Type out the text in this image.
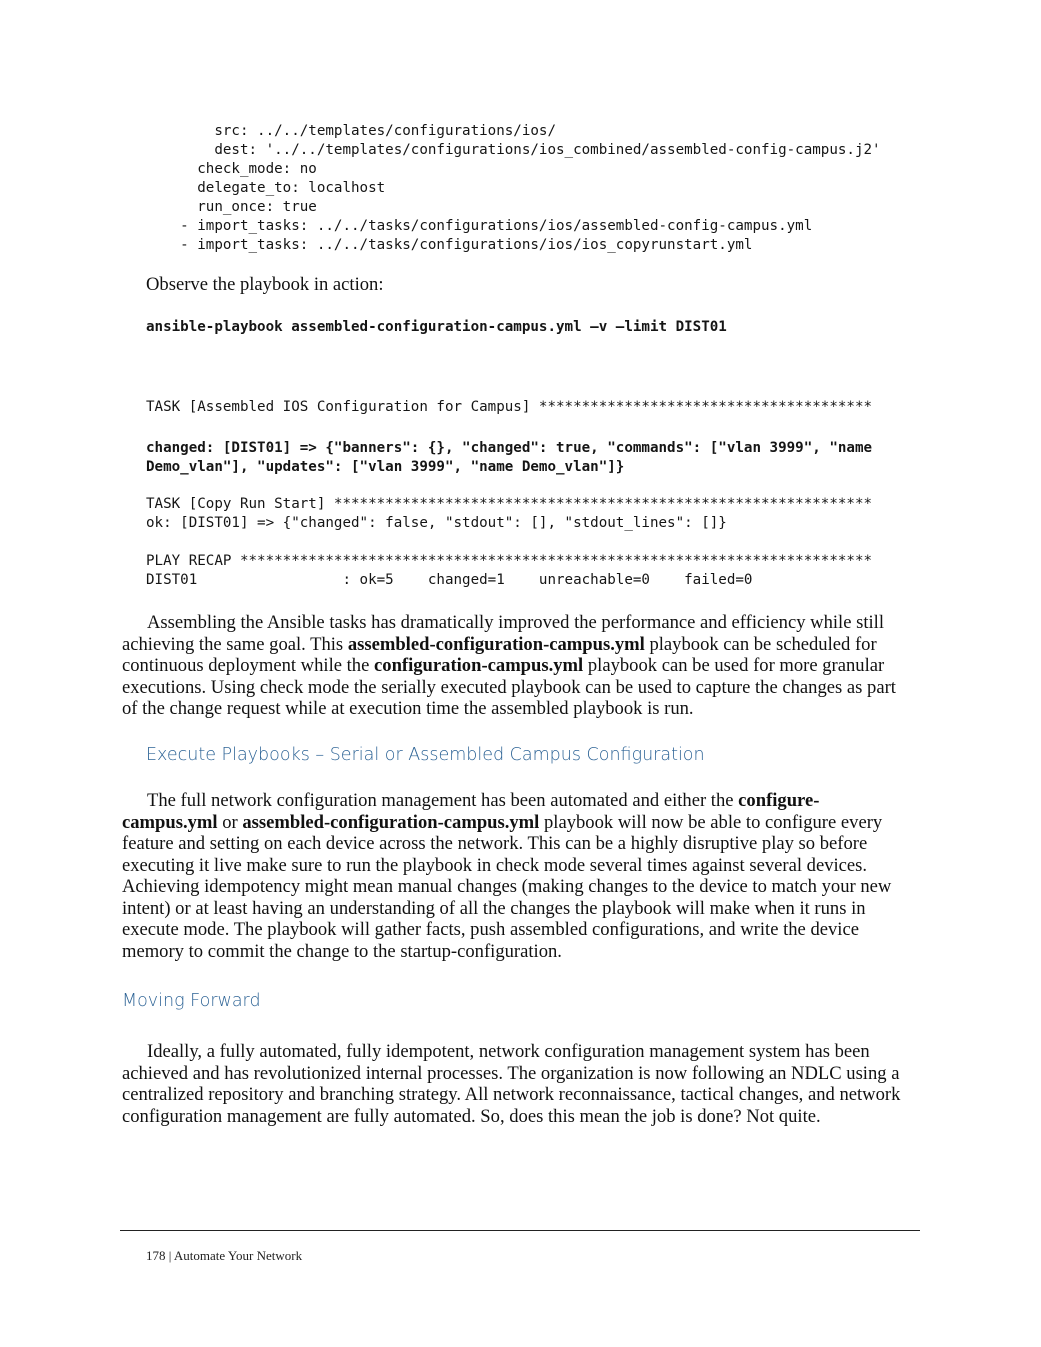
src: ../../templates/configurations/ios/
dest: '../../templates/configurations/ios_combined/assembled-config-campus.j2'
check_mode: no
delegate_to: localhost
run_once: true
- import_tasks: ../../tasks/configurations/ios/assembled-config-campus.yml
- import_tasks: ../../tasks/configurations/ios/ios_copyrunstart.yml

Observe the playbook in action:

ansible-playbook assembled-configuration-campus.yml –v –limit DIST01
TASK [Assembled IOS Configuration for Campus] ***************************************
changed: [DIST01] => {"banners": {}, "changed": true, "commands": ["vlan 3999", "name
Demo_vlan"], "updates": ["vlan 3999", "name Demo_vlan"]}
TASK [Copy Run Start] ***************************************************************
ok: [DIST01] => {"changed": false, "stdout": [], "stdout_lines": []}
PLAY RECAP **************************************************************************
DIST01                 : ok=5    changed=1    unreachable=0    failed=0

Assembling the Ansible tasks has dramatically improved the performance and efficiency while still achieving the same goal. This assembled-configuration-campus.yml playbook can be scheduled for continuous deployment while the configuration-campus.yml playbook can be used for more granular executions. Using check mode the serially executed playbook can be used to capture the changes as part of the change request while at execution time the assembled playbook is run.

Execute Playbooks – Serial or Assembled Campus Configuration

The full network configuration management has been automated and either the configure-campus.yml or assembled-configuration-campus.yml playbook will now be able to configure every feature and setting on each device across the network. This can be a highly disruptive play so before executing it live make sure to run the playbook in check mode several times against several devices. Achieving idempotency might mean manual changes (making changes to the device to match your new intent) or at least having an understanding of all the changes the playbook will make when it runs in execute mode. The playbook will gather facts, push assembled configurations, and write the device memory to commit the change to the startup-configuration.

Moving Forward

Ideally, a fully automated, fully idempotent, network configuration management system has been achieved and has revolutionized internal processes. The organization is now following an NDLC using a centralized repository and branching strategy. All network reconnaissance, tactical changes, and network configuration management are fully automated. So, does this mean the job is done? Not quite.

178 | Automate Your Network
